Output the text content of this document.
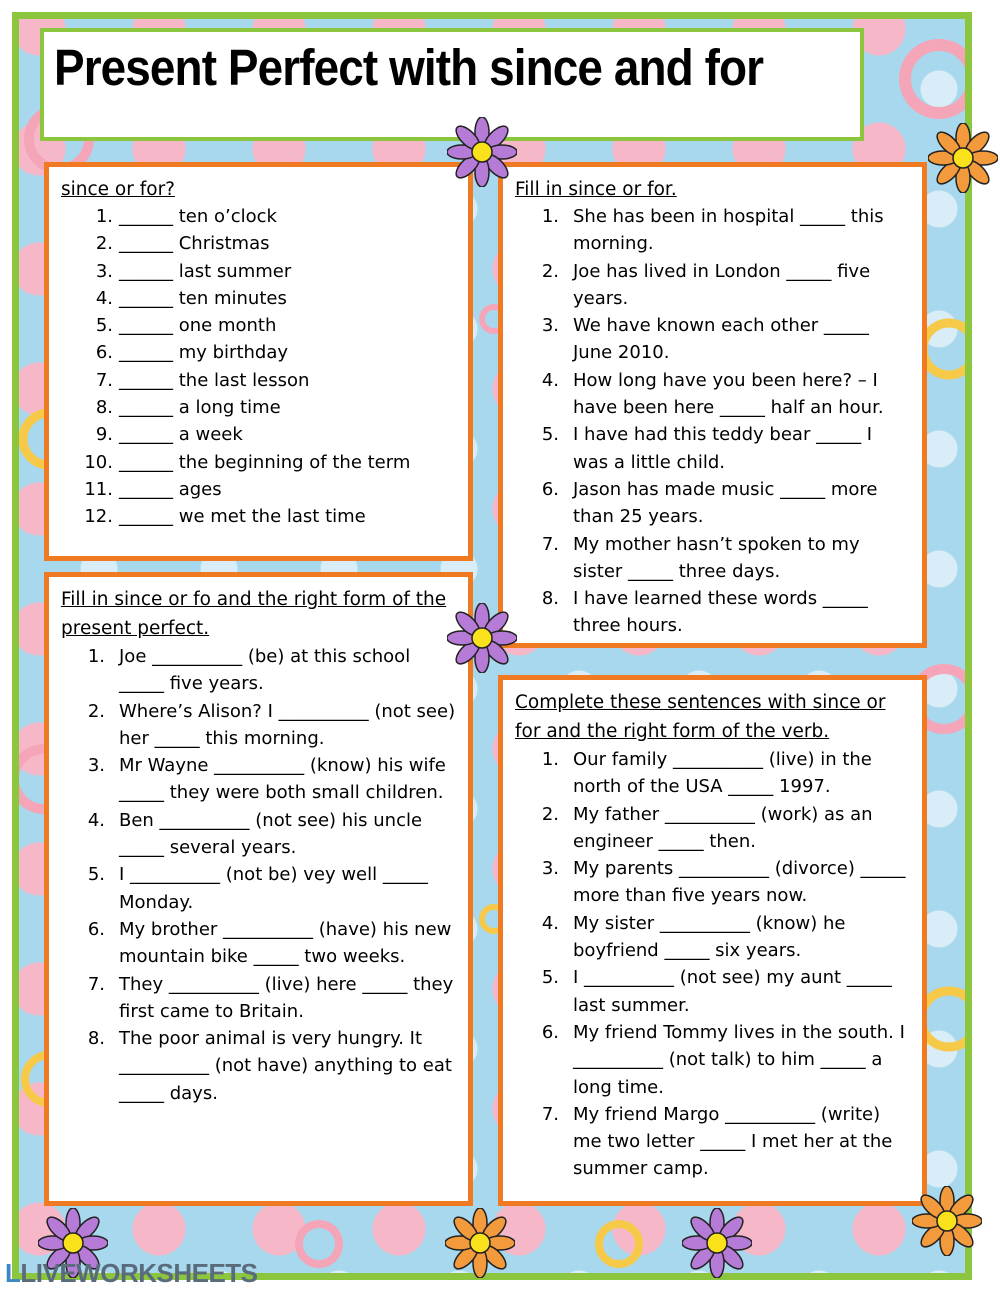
Present Perfect with since and for
since or for?
1. ______ ten o’clock
2. ______ Christmas
3. ______ last summer
4. ______ ten minutes
5. ______ one month
6. ______ my birthday
7. ______ the last lesson
8. ______ a long time
9. ______ a week
10. ______ the beginning of the term
11. ______ ages
12. ______ we met the last time
Fill in since or for.
1. She has been in hospital _____ this morning.
2. Joe has lived in London _____ five years.
3. We have known each other _____ June 2010.
4. How long have you been here? – I have been here _____ half an hour.
5. I have had this teddy bear _____ I was a little child.
6. Jason has made music _____ more than 25 years.
7. My mother hasn’t spoken to my sister _____ three days.
8. I have learned these words _____ three hours.
Fill in since or fo and the right form of the present perfect.
1. Joe __________ (be) at this school _____ five years.
2. Where’s Alison? I __________ (not see) her _____ this morning.
3. Mr Wayne __________ (know) his wife _____ they were both small children.
4. Ben __________ (not see) his uncle _____ several years.
5. I __________ (not be) vey well _____ Monday.
6. My brother __________ (have) his new mountain bike _____ two weeks.
7. They __________ (live) here _____ they first came to Britain.
8. The poor animal is very hungry. It __________ (not have) anything to eat _____ days.
Complete these sentences with since or for and the right form of the verb.
1. Our family __________ (live) in the north of the USA _____ 1997.
2. My father __________ (work) as an engineer _____ then.
3. My parents __________ (divorce) _____ more than five years now.
4. My sister __________ (know) he boyfriend _____ six years.
5. I __________ (not see) my aunt _____ last summer.
6. My friend Tommy lives in the south. I __________ (not talk) to him _____ a long time.
7. My friend Margo __________ (write) me two letter _____ I met her at the summer camp.
LLIVEWORKSHEETS
